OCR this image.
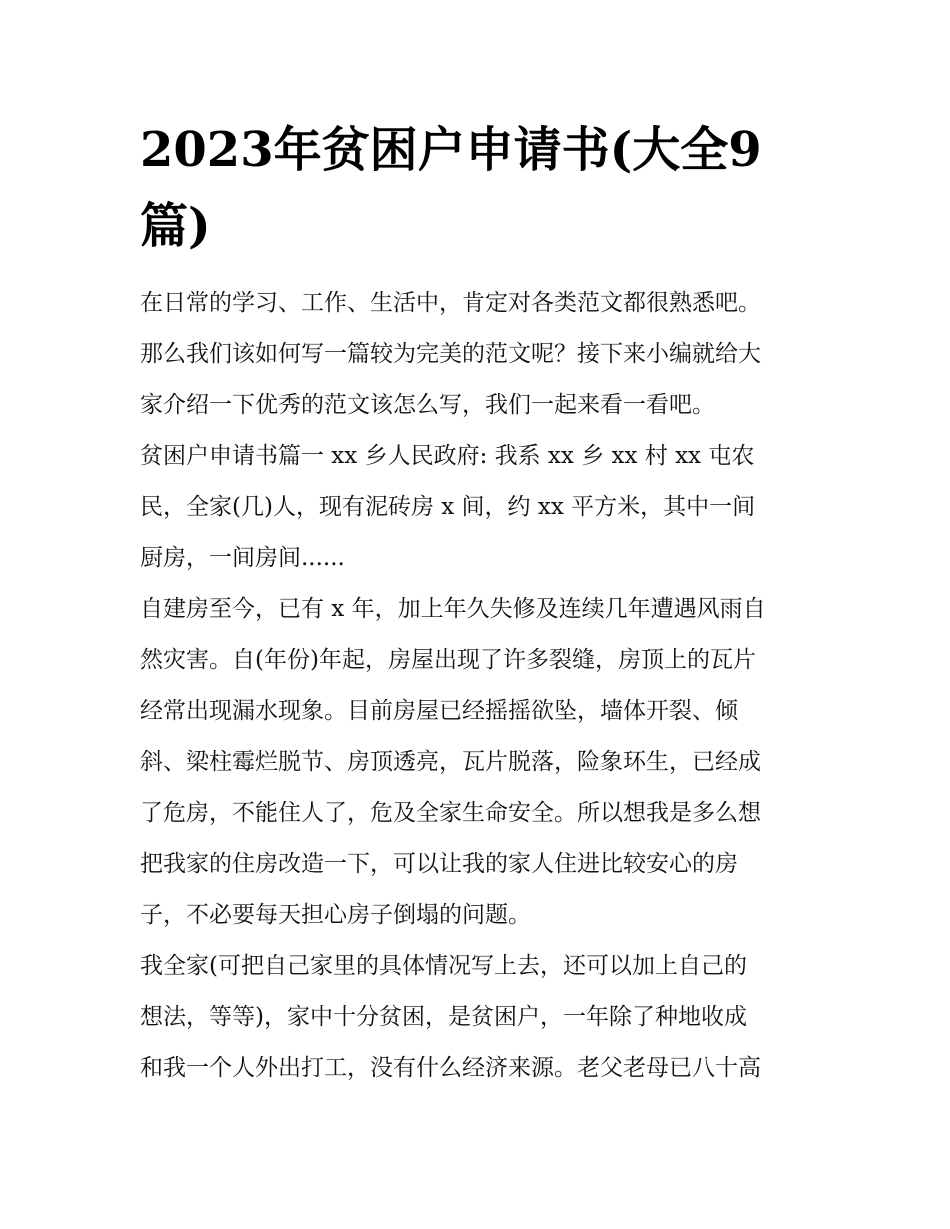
2023年贫困户申请书(大全9
篇)

在日常的学习、工作、生活中，肯定对各类范文都很熟悉吧。
那么我们该如何写一篇较为完美的范文呢？接下来小编就给大
家介绍一下优秀的范文该怎么写，我们一起来看一看吧。

贫困户申请书篇一 xx 乡人民政府: 我系 xx 乡 xx 村 xx 屯农
民，全家(几)人，现有泥砖房 x 间，约 xx 平方米，其中一间
厨房，一间房间......

自建房至今，已有 x 年，加上年久失修及连续几年遭遇风雨自
然灾害。自(年份)年起，房屋出现了许多裂缝，房顶上的瓦片
经常出现漏水现象。目前房屋已经摇摇欲坠，墙体开裂、倾
斜、梁柱霉烂脱节、房顶透亮，瓦片脱落，险象环生，已经成
了危房，不能住人了，危及全家生命安全。所以想我是多么想
把我家的住房改造一下，可以让我的家人住进比较安心的房
子，不必要每天担心房子倒塌的问题。

我全家(可把自己家里的具体情况写上去，还可以加上自己的
想法，等等)，家中十分贫困，是贫困户，一年除了种地收成
和我一个人外出打工，没有什么经济来源。老父老母已八十高
